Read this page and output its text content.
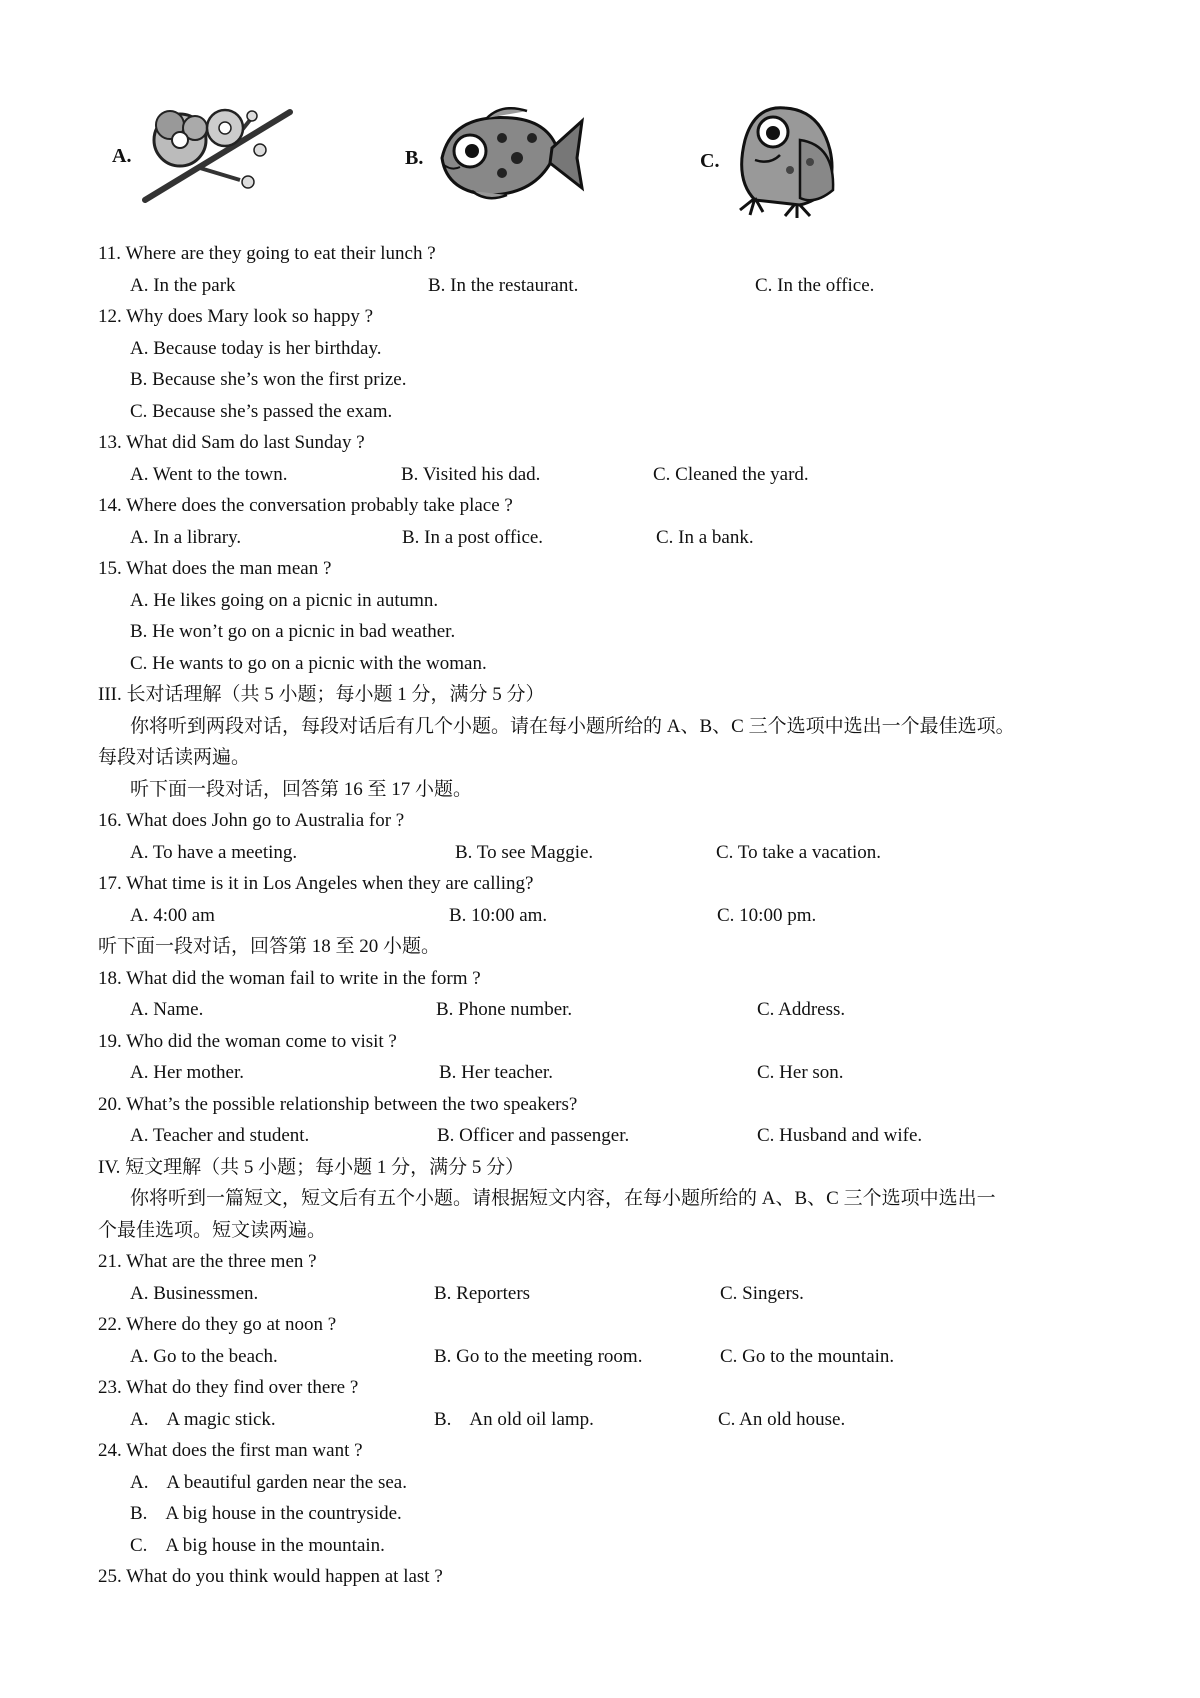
A.	B.	C.
11. Where are they going to eat their lunch ?
A. In the park	B. In the restaurant.	C. In the office.
12. Why does Mary look so happy ?
A. Because today is her birthday.
B. Because she’s won the first prize.
C. Because she’s passed the exam.
13. What did Sam do last Sunday ?
A. Went to the town.	B. Visited his dad.	C. Cleaned the yard.
14. Where does the conversation probably take place ?
A. In a library.	B. In a post office.	C. In a bank.
15. What does the man mean ?
A. He likes going on a picnic in autumn.
B. He won’t go on a picnic in bad weather.
C. He wants to go on a picnic with the woman.
III. 长对话理解（共 5 小题；每小题 1 分，满分 5 分）
你将听到两段对话，每段对话后有几个小题。请在每小题所给的 A、B、C 三个选项中选出一个最佳选项。
每段对话读两遍。
听下面一段对话，回答第 16 至 17 小题。
16. What does John go to Australia for ?
A. To have a meeting.	B. To see Maggie.	C. To take a vacation.
17. What time is it in Los Angeles when they are calling?
A. 4:00 am	B. 10:00 am.	C. 10:00 pm.
听下面一段对话，回答第 18 至 20 小题。
18. What did the woman fail to write in the form ?
A. Name.	B. Phone number.	C. Address.
19. Who did the woman come to visit ?
A. Her mother.	B. Her teacher.	C. Her son.
20. What’s the possible relationship between the two speakers?
A. Teacher and student.	B. Officer and passenger.	C. Husband and wife.
IV. 短文理解（共 5 小题；每小题 1 分，满分 5 分）
你将听到一篇短文，短文后有五个小题。请根据短文内容，在每小题所给的 A、B、C 三个选项中选出一
个最佳选项。短文读两遍。
21. What are the three men ?
A. Businessmen.	B. Reporters	C. Singers.
22. Where do they go at noon ?
A. Go to the beach.	B. Go to the meeting room.	C. Go to the mountain.
23. What do they find over there ?
A.    A magic stick.	B.    An old oil lamp.	C. An old house.
24. What does the first man want ?
A.    A beautiful garden near the sea.
B.    A big house in the countryside.
C.    A big house in the mountain.
25. What do you think would happen at last ?
